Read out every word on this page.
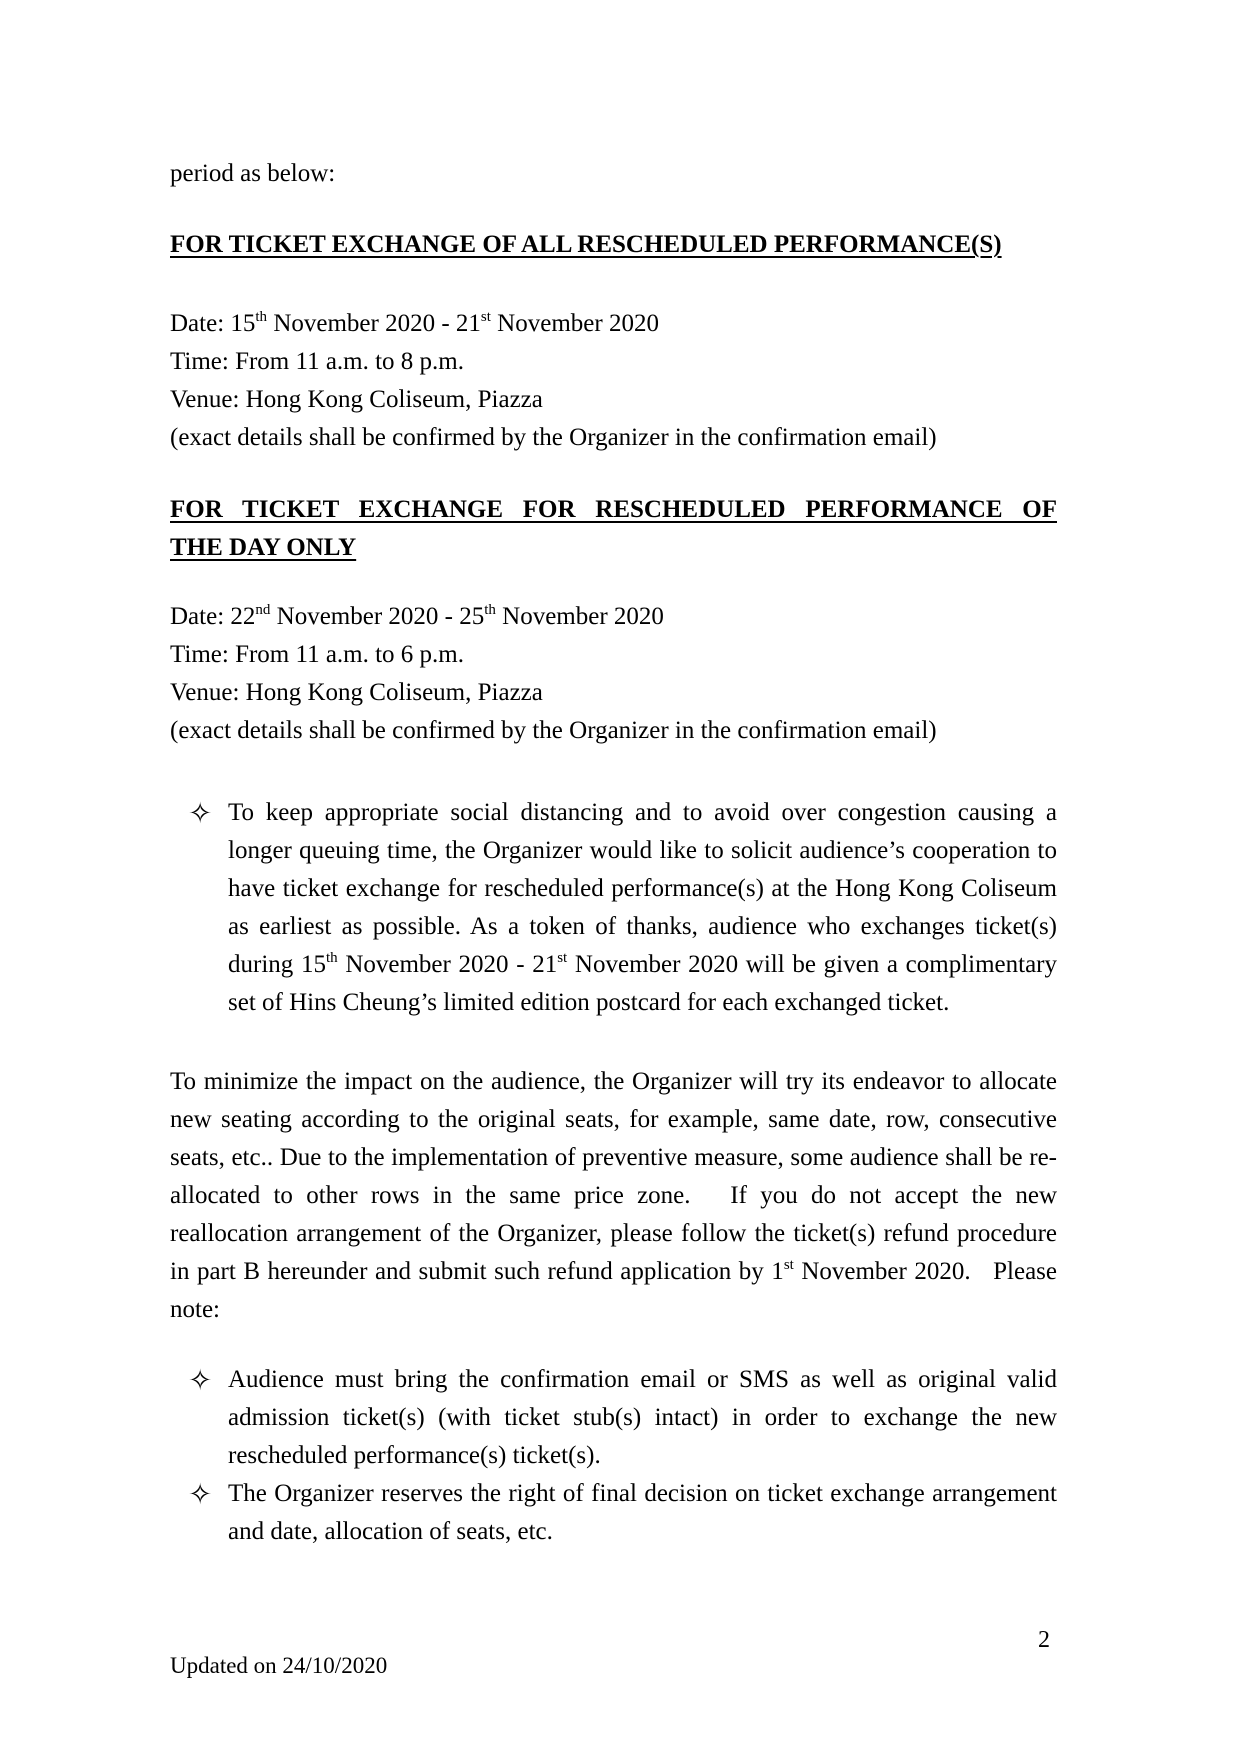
period as below:

FOR TICKET EXCHANGE OF ALL RESCHEDULED PERFORMANCE(S)

Date: 15th November 2020 - 21st November 2020

Time: From 11 a.m. to 8 p.m.

Venue: Hong Kong Coliseum, Piazza

(exact details shall be confirmed by the Organizer in the confirmation email)

FOR TICKET EXCHANGE FOR RESCHEDULED PERFORMANCE OF

THE DAY ONLY

Date: 22nd November 2020 - 25th November 2020

Time: From 11 a.m. to 6 p.m.

Venue: Hong Kong Coliseum, Piazza

(exact details shall be confirmed by the Organizer in the confirmation email)

✧ To keep appropriate social distancing and to avoid over congestion causing a longer queuing time, the Organizer would like to solicit audience’s cooperation to have ticket exchange for rescheduled performance(s) at the Hong Kong Coliseum as earliest as possible. As a token of thanks, audience who exchanges ticket(s) during 15th November 2020 - 21st November 2020 will be given a complimentary set of Hins Cheung’s limited edition postcard for each exchanged ticket.

To minimize the impact on the audience, the Organizer will try its endeavor to allocate new seating according to the original seats, for example, same date, row, consecutive seats, etc.. Due to the implementation of preventive measure, some audience shall be re-allocated to other rows in the same price zone.   If you do not accept the new reallocation arrangement of the Organizer, please follow the ticket(s) refund procedure in part B hereunder and submit such refund application by 1st November 2020.   Please note:

✧ Audience must bring the confirmation email or SMS as well as original valid admission ticket(s) (with ticket stub(s) intact) in order to exchange the new rescheduled performance(s) ticket(s).

✧ The Organizer reserves the right of final decision on ticket exchange arrangement and date, allocation of seats, etc.

2
Updated on 24/10/2020
